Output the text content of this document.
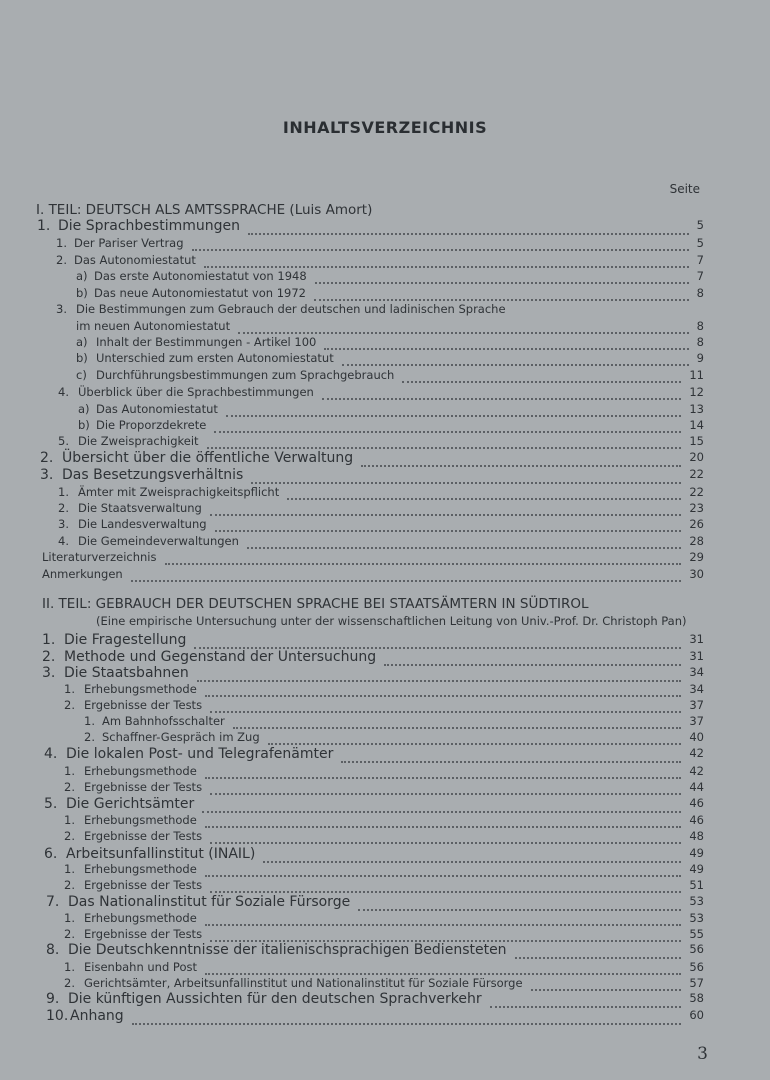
INHALTSVERZEICHNIS
Seite
I. TEIL: DEUTSCH ALS AMTSSPRACHE (Luis Amort)
1. Die Sprachbestimmungen	5
1. Der Pariser Vertrag	5
2. Das Autonomiestatut	7
a) Das erste Autonomiestatut von 1948	7
b) Das neue Autonomiestatut von 1972	8
3. Die Bestimmungen zum Gebrauch der deutschen und ladinischen Sprache
im neuen Autonomiestatut	8
a) Inhalt der Bestimmungen - Artikel 100	8
b) Unterschied zum ersten Autonomiestatut	9
c) Durchführungsbestimmungen zum Sprachgebrauch	11
4. Überblick über die Sprachbestimmungen	12
a) Das Autonomiestatut	13
b) Die Proporzdekrete	14
5. Die Zweisprachigkeit	15
2. Übersicht über die öffentliche Verwaltung	20
3. Das Besetzungsverhältnis	22
1. Ämter mit Zweisprachigkeitspflicht	22
2. Die Staatsverwaltung	23
3. Die Landesverwaltung	26
4. Die Gemeindeverwaltungen	28
Literaturverzeichnis	29
Anmerkungen	30
II. TEIL: GEBRAUCH DER DEUTSCHEN SPRACHE BEI STAATSÄMTERN IN SÜDTIROL
(Eine empirische Untersuchung unter der wissenschaftlichen Leitung von Univ.-Prof. Dr. Christoph Pan)
1. Die Fragestellung	31
2. Methode und Gegenstand der Untersuchung	31
3. Die Staatsbahnen	34
1. Erhebungsmethode	34
2. Ergebnisse der Tests	37
1. Am Bahnhofsschalter	37
2. Schaffner-Gespräch im Zug	40
4. Die lokalen Post- und Telegrafenämter	42
1. Erhebungsmethode	42
2. Ergebnisse der Tests	44
5. Die Gerichtsämter	46
1. Erhebungsmethode	46
2. Ergebnisse der Tests	48
6. Arbeitsunfallinstitut (INAIL)	49
1. Erhebungsmethode	49
2. Ergebnisse der Tests	51
7. Das Nationalinstitut für Soziale Fürsorge	53
1. Erhebungsmethode	53
2. Ergebnisse der Tests	55
8. Die Deutschkenntnisse der italienischsprachigen Bediensteten	56
1. Eisenbahn und Post	56
2. Gerichtsämter, Arbeitsunfallinstitut und Nationalinstitut für Soziale Fürsorge	57
9. Die künftigen Aussichten für den deutschen Sprachverkehr	58
10. Anhang	60
3
